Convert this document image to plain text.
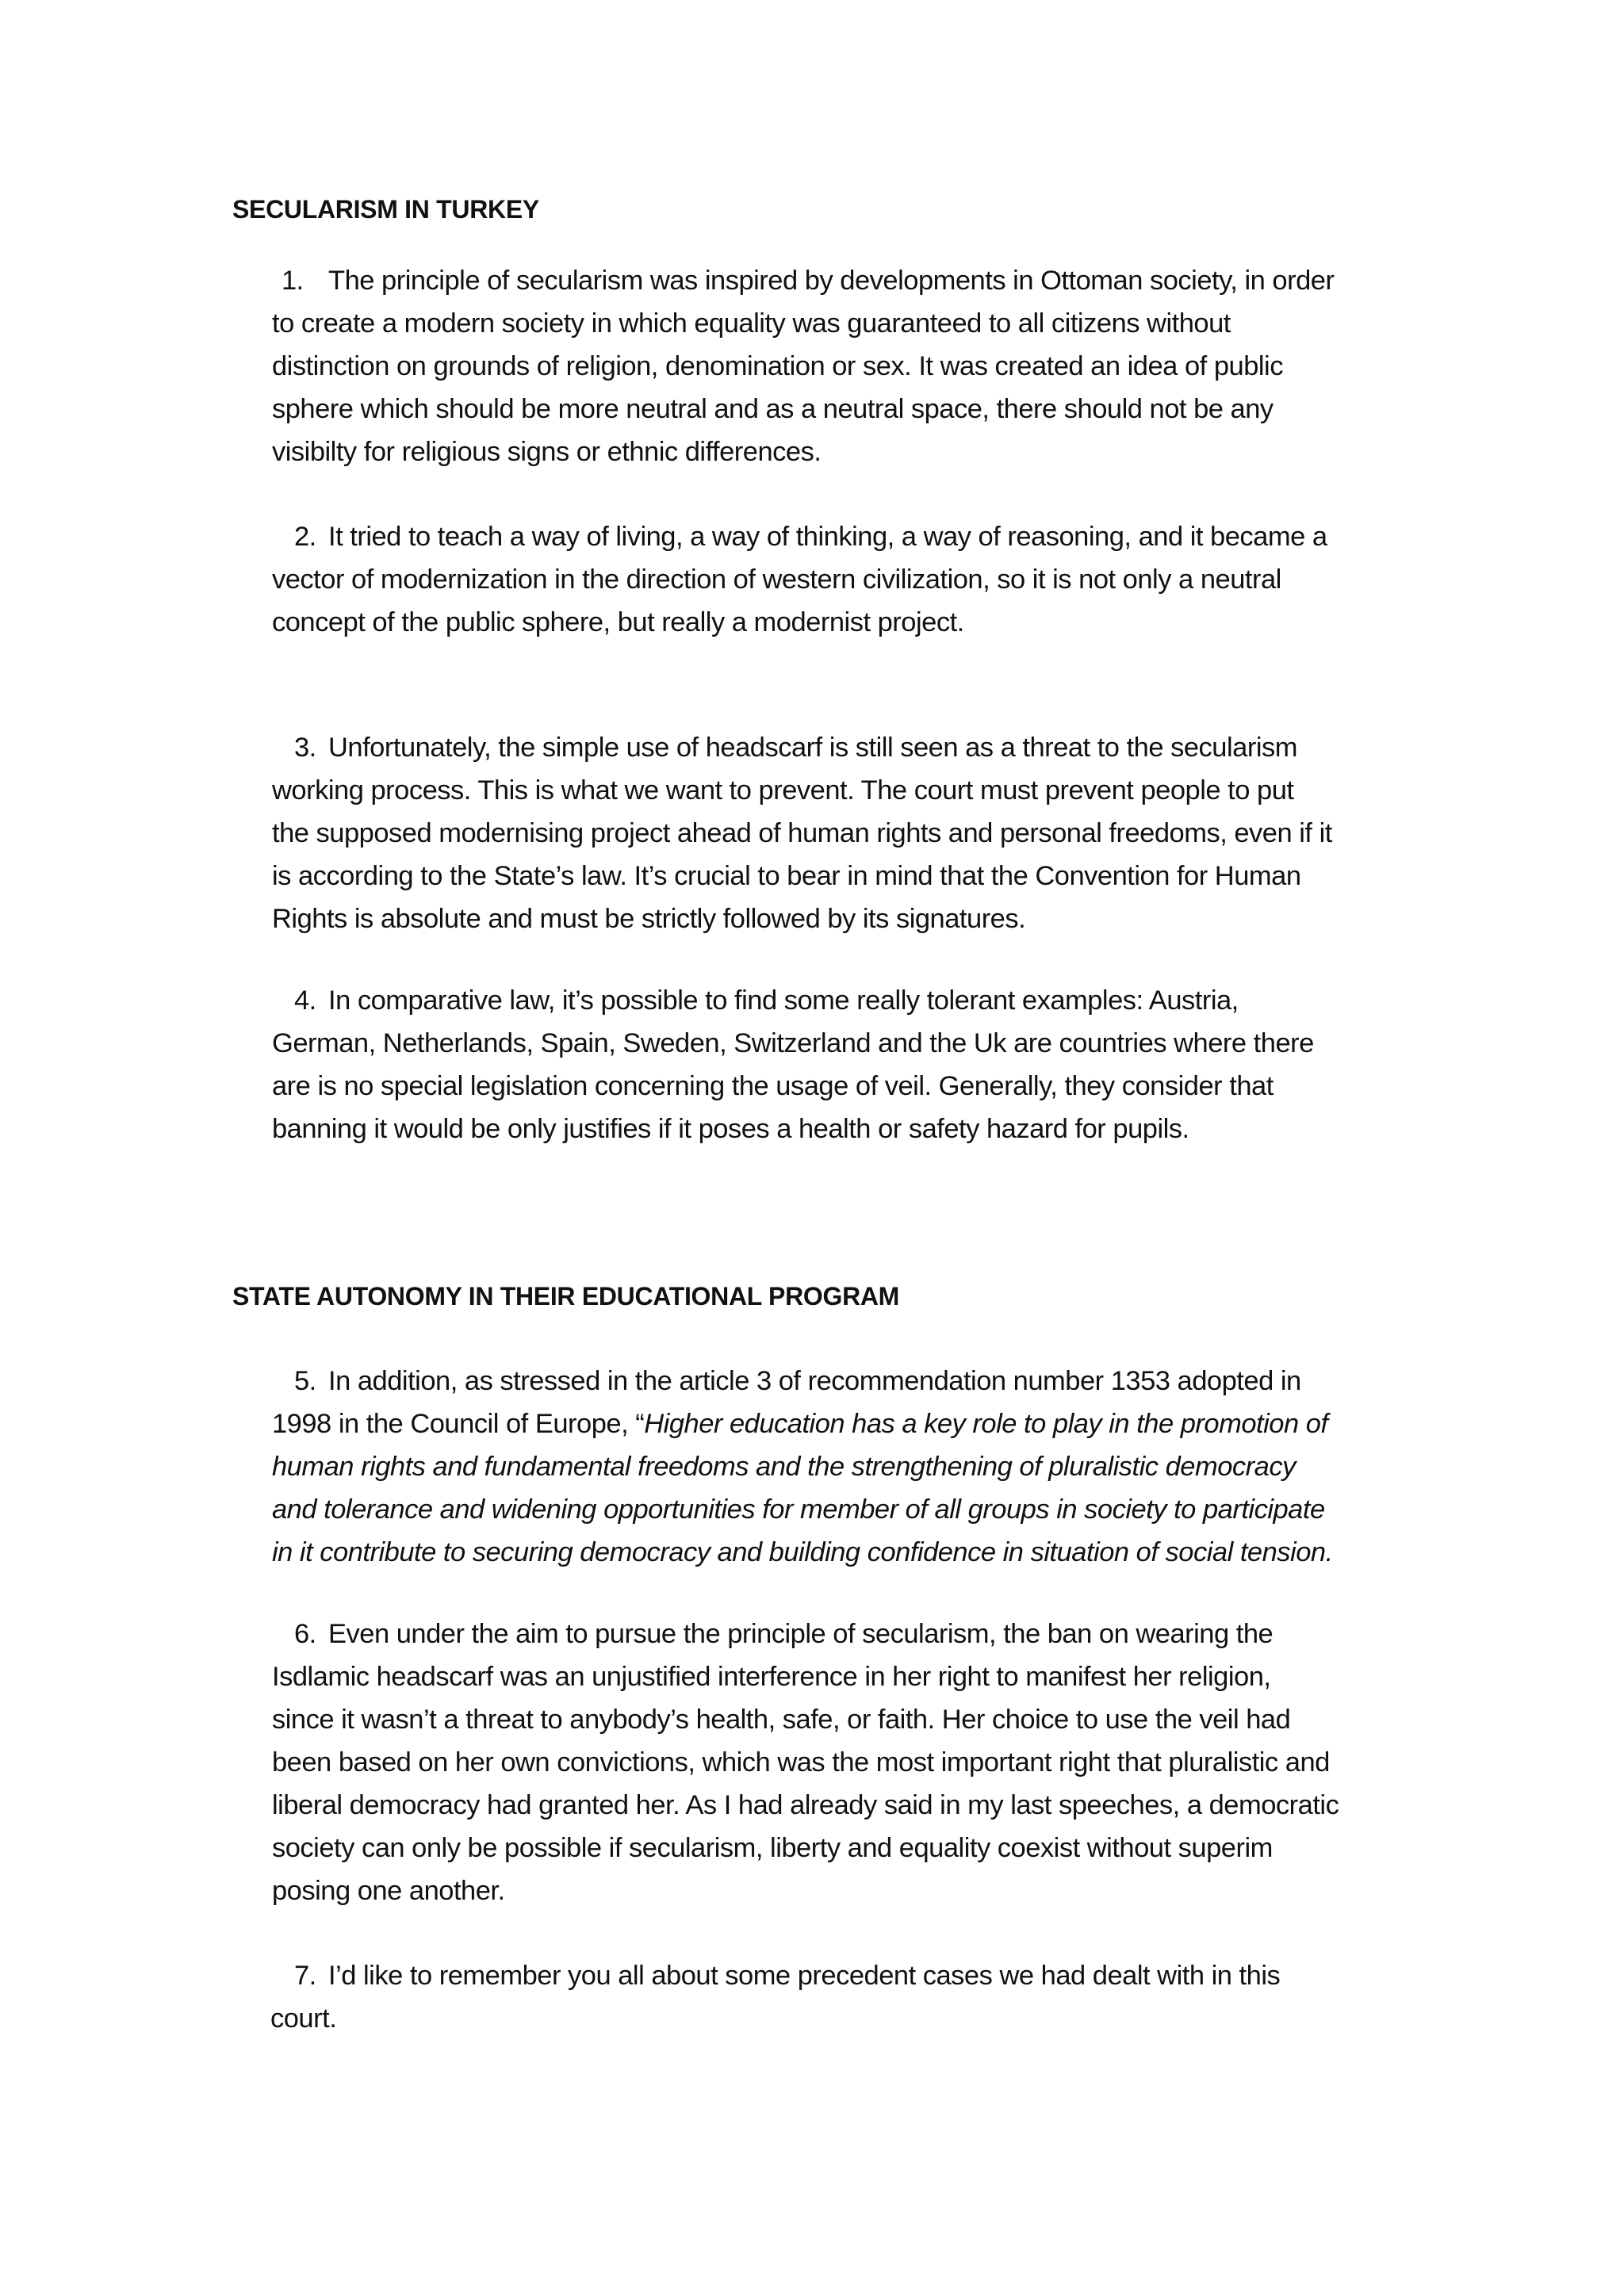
SECULARISM IN TURKEY
1. The principle of secularism was inspired by developments in Ottoman society, in order
to create a modern society in which equality was guaranteed to all citizens without
distinction on grounds of religion, denomination or sex. It was created an idea of public
sphere which should be more neutral and as a neutral space, there should not be any
visibilty for religious signs or ethnic differences.
2. It tried to teach a way of living, a way of thinking, a way of reasoning, and it became a
vector of modernization in the direction of western civilization, so it is not only a neutral
concept of the public sphere, but really a modernist project.
3. Unfortunately, the simple use of headscarf is still seen as a threat to the secularism
working process. This is what we want to prevent. The court must prevent people to put
the supposed modernising project ahead of human rights and personal freedoms, even if it
is according to the State’s law. It’s crucial to bear in mind that the Convention for Human
Rights is absolute and must be strictly followed by its signatures.
4. In comparative law, it’s possible to find some really tolerant examples: Austria,
German, Netherlands, Spain, Sweden, Switzerland and the Uk are countries where there
are is no special legislation concerning the usage of veil. Generally, they consider that
banning it would be only justifies if it poses a health or safety hazard for pupils.
STATE AUTONOMY IN THEIR EDUCATIONAL PROGRAM
5. In addition, as stressed in the article 3 of recommendation number 1353 adopted in
1998 in the Council of Europe, “Higher education has a key role to play in the promotion of
human rights and fundamental freedoms and the strengthening of pluralistic democracy
and tolerance and widening opportunities for member of all groups in society to participate
in it contribute to securing democracy and building confidence in situation of social tension.
6. Even under the aim to pursue the principle of secularism, the ban on wearing the
Isdlamic headscarf was an unjustified interference in her right to manifest her religion,
since it wasn’t a threat to anybody’s health, safe, or faith. Her choice to use the veil had
been based on her own convictions, which was the most important right that pluralistic and
liberal democracy had granted her. As I had already said in my last speeches, a democratic
society can only be possible if secularism, liberty and equality coexist without superim
posing one another.
7. I’d like to remember you all about some precedent cases we had dealt with in this
court.
